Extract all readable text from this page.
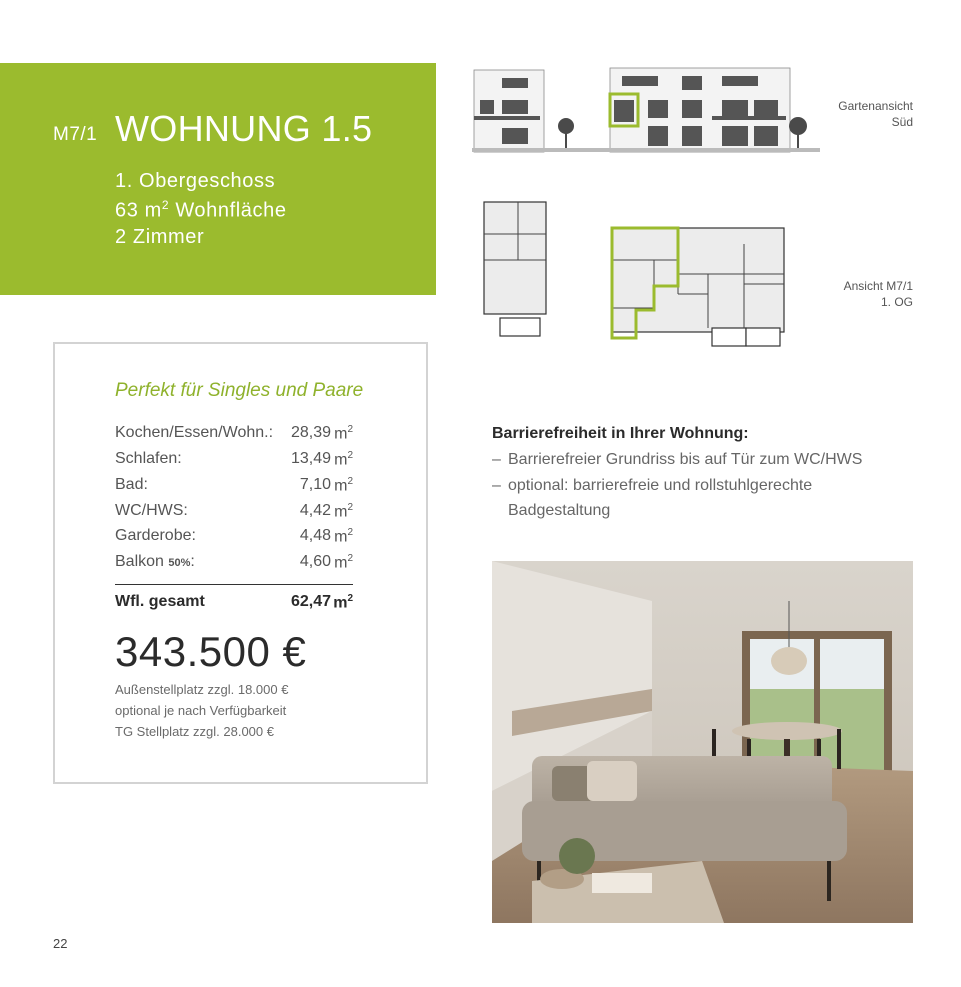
M7/1 WOHNUNG 1.5
1. Obergeschoss
63 $m^2$ Wohnfläche
2 Zimmer
Gartenansicht
Süd
Ansicht M7/1
1. OG
Perfekt für Singles und Paare
Kochen/Essen/Wohn.: 28,39 $m^2$
Schlafen:	13,49 $m^2$
Bad:	7,10 $m^2$
WC/HWS:	4,42 $m^2$
Garderobe:	4,48 $m^2$
Balkon 50%:	4,60 $m^2$
Wfl. gesamt	62,47 $m^2$
343.500 €
Außenstellplatz zzgl. 18.000 €
optional je nach Verfügbarkeit
TG Stellplatz zzgl. 28.000 €
Barrierefreiheit in Ihrer Wohnung:
– Barrierefreier Grundriss bis auf Tür zum WC/HWS
– optional: barrierefreie und rollstuhlgerechte
Badgestaltung
22
